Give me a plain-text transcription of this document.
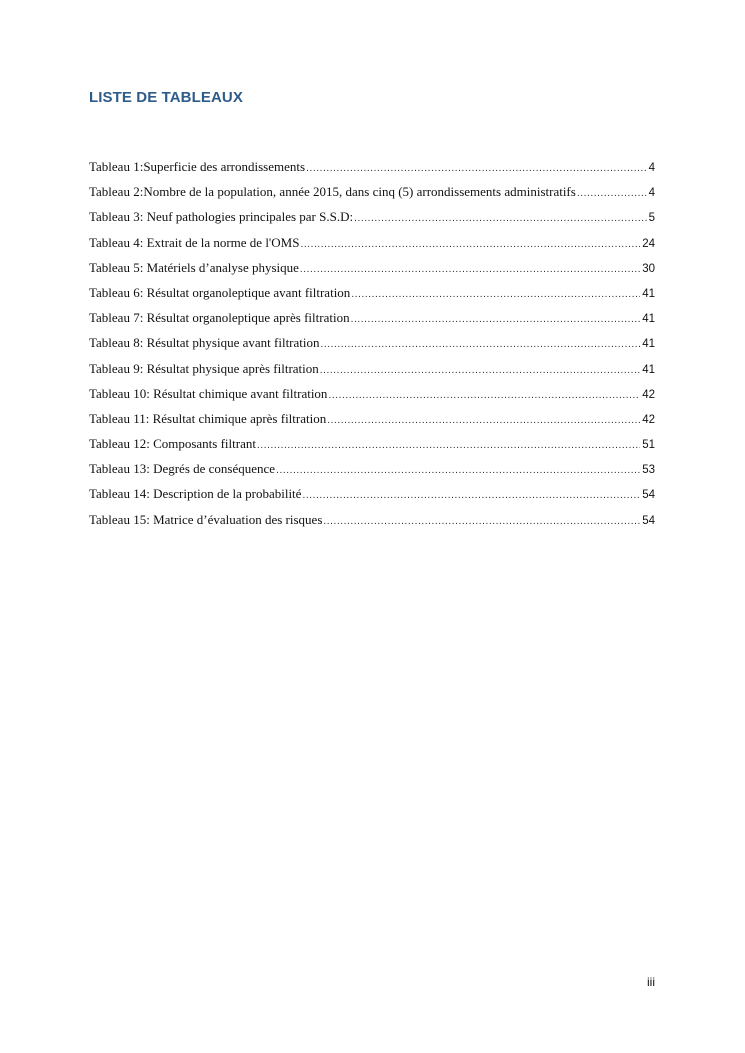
LISTE DE TABLEAUX
Tableau 1:Superficie des arrondissements .....	4
Tableau 2:Nombre de la population, année 2015, dans cinq (5) arrondissements administratifs .....	4
Tableau 3: Neuf pathologies principales par S.S.D: .....	5
Tableau 4: Extrait de la norme de l'OMS .....	24
Tableau 5: Matériels d’analyse physique .....	30
Tableau 6: Résultat organoleptique avant filtration .....	41
Tableau 7: Résultat organoleptique après filtration .....	41
Tableau 8: Résultat physique avant filtration .....	41
Tableau 9: Résultat physique après filtration .....	41
Tableau 10: Résultat chimique avant filtration .....	42
Tableau 11: Résultat chimique après filtration .....	42
Tableau 12: Composants filtrant .....	51
Tableau 13: Degrés de conséquence .....	53
Tableau 14: Description de la probabilité .....	54
Tableau 15: Matrice d’évaluation des risques .....	54
iii
